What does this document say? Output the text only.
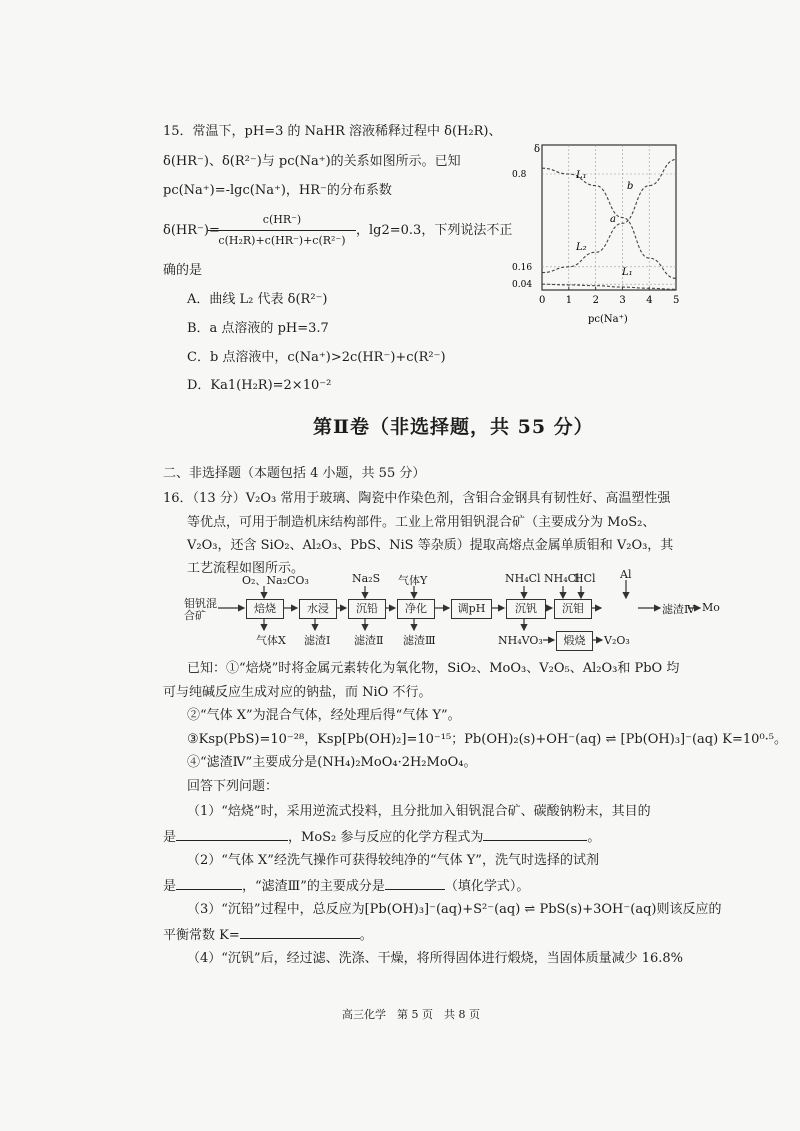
15．常温下，pH=3 的 NaHR 溶液稀释过程中 δ(H₂R)、
δ(HR⁻)、δ(R²⁻)与 pc(Na⁺)的关系如图所示。已知
pc(Na⁺)=-lgc(Na⁺)，HR⁻的分布系数
δ(HR⁻)=
$\frac{c(HR^-)}{\text{c(H₂R)+c(HR⁻)+c(R²⁻)}}$ ，lg2=0.3，下列说法不正
确的是
A．曲线 L₂ 代表 δ(R²⁻)
B．a 点溶液的 pH=3.7
C．b 点溶液中，c(Na⁺)>2c(HR⁻)+c(R²⁻)
D．Ka1(H₂R)=2×10⁻²
0 1 2 3 4 5
0.8
0.16
0.04
δ
pc(Na⁺)
L₁
L₂
L₁
b
a
第Ⅱ卷（非选择题，共 55 分）
二、非选择题（本题包括 4 小题，共 55 分）
16．（13 分）V₂O₃ 常用于玻璃、陶瓷中作染色剂，含钼合金钢具有韧性好、高温塑性强
等优点，可用于制造机床结构部件。工业上常用钼钒混合矿（主要成分为 MoS₂、
V₂O₃，还含 SiO₂、Al₂O₃、PbS、NiS 等杂质）提取高熔点金属单质钼和 V₂O₃，其
工艺流程如图所示。
钼钒混
合矿
焙烧	水浸	沉铅	净化	调pH	沉钒	沉钼
煅烧
O₂、Na₂CO₃	Na₂S 气体Y	NH₄Cl NH₄Cl
HCl Al
气体X 滤渣Ⅰ 滤渣Ⅱ 滤渣Ⅲ
滤渣Ⅳ Mo
NH₄VO₃	V₂O₃
已知：①“焙烧”时将金属元素转化为氧化物，SiO₂、MoO₃、V₂O₅、Al₂O₃和 PbO 均
可与纯碱反应生成对应的钠盐，而 NiO 不行。
②“气体 X”为混合气体，经处理后得“气体 Y”。
③Ksp(PbS)=10⁻²⁸，Ksp[Pb(OH)₂]=10⁻¹⁵；Pb(OH)₂(s)+OH⁻(aq) ⇌ [Pb(OH)₃]⁻(aq) K=10⁰·⁵。
④“滤渣Ⅳ”主要成分是(NH₄)₂MoO₄·2H₂MoO₄。
回答下列问题：
（1）“焙烧”时，采用逆流式投料，且分批加入钼钒混合矿、碳酸钠粉末，其目的
是	，MoS₂ 参与反应的化学方程式为	。
（2）“气体 X”经洗气操作可获得较纯净的“气体 Y”，洗气时选择的试剂
是	，“滤渣Ⅲ”的主要成分是	（填化学式）。
（3）“沉铅”过程中，总反应为[Pb(OH)₃]⁻(aq)+S²⁻(aq) ⇌ PbS(s)+3OH⁻(aq)则该反应的
平衡常数 K=	。
（4）“沉钒”后，经过滤、洗涤、干燥，将所得固体进行煅烧，当固体质量减少 16.8%
高三化学　第 5 页　共 8 页
